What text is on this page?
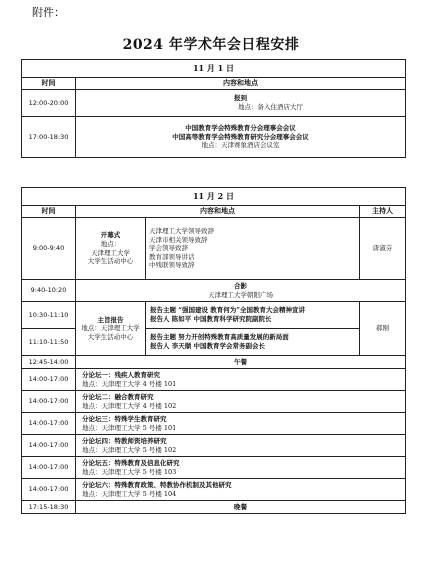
附件：
2024 年学术年会日程安排
11 月 1 日	
时间	内容和地点
12:00-20:00	报到
地点：备入住酒店大厅

17:00-18:30	中国教育学会特殊教育分会理事会会议
中国高等教育学会特殊教育研究分会理事会会议
地点：天津赛象酒店会议室
11 月 2 日			
时间	内容和地点		主持人
9:00-9:40	开幕式
地点：
天津理工大学
大学生活动中心	天津理工大学领导致辞
天津市相关领导致辞
学会领导致辞
教育部领导讲话
中残联领导致辞	唐淑芬
9:40-10:20	合影
天津理工大学朝阳广场		

10:30-11:10	主旨报告
地点：天津理工大学
大学生活动中心	报告主题 “强国建设 教育何为”全国教育大会精神宣讲
报告人 陈如平 中国教育科学研究院副院长	郝刚
11:10-11:50		报告主题 努力开创特殊教育高质量发展的新局面
报告人 李天顺 中国教育学会常务副会长	

12:45-14:00	午餐		
14:00-17:00	分论坛一：残疾人教育研究
地点：天津理工大学 4 号楼 101		

14:00-17:00	分论坛二：融合教育研究
地点：天津理工大学 4 号楼 102		

14:00-17:00	分论坛三：特殊学生教育研究
地点：天津理工大学 5 号楼 101		

14:00-17:00	分论坛四：特教师资培养研究
地点：天津理工大学 5 号楼 102		

14:00-17:00	分论坛五：特殊教育及信息化研究
地点：天津理工大学 5 号楼 103		

14:00-17:00	分论坛六：特殊教育政策、特教协作机制及其他研究
地点：天津理工大学 5 号楼 104		

17:15-18:30	晚餐		
